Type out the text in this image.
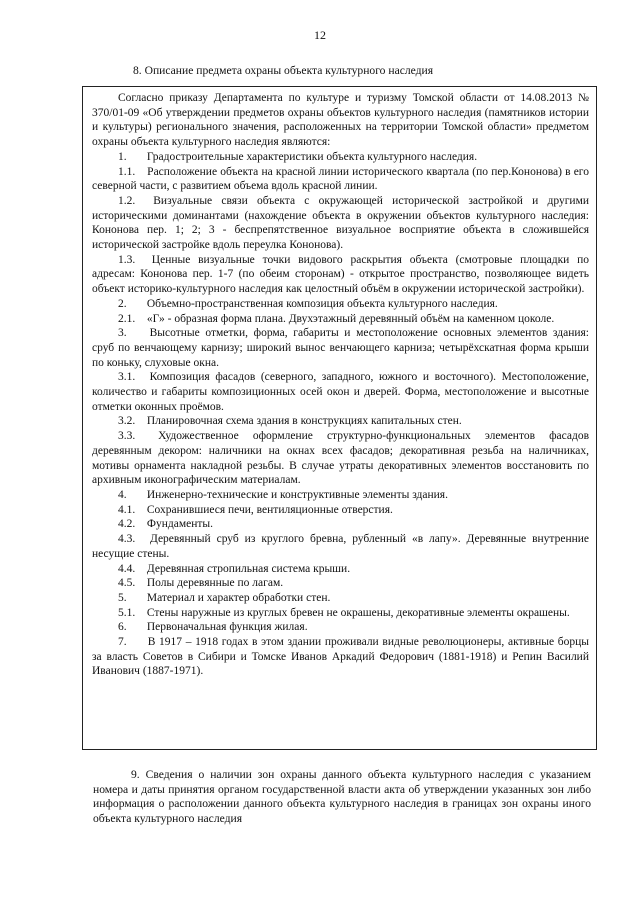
12
8. Описание предмета охраны объекта культурного наследия

Согласно приказу Департамента по культуре и туризму Томской области от 14.08.2013 № 370/01-09 «Об утверждении предметов охраны объектов культурного наследия (памятников истории и культуры) регионального значения, расположенных на территории Томской области» предметом охраны объекта культурного наследия являются:

1. Градостроительные характеристики объекта культурного наследия.

1.1. Расположение объекта на красной линии исторического квартала (по пер.Кононова) в его северной части, с развитием объема вдоль красной линии.

1.2. Визуальные связи объекта с окружающей исторической застройкой и другими историческими доминантами (нахождение объекта в окружении объектов культурного наследия: Кононова пер. 1; 2; 3 - беспрепятственное визуальное восприятие объекта в сложившейся исторической застройке вдоль переулка Кононова).

1.3. Ценные визуальные точки видового раскрытия объекта (смотровые площадки по адресам: Кононова пер. 1-7 (по обеим сторонам) - открытое пространство, позволяющее видеть объект историко-культурного наследия как целостный объём в окружении исторической застройки).

2. Объемно-пространственная композиция объекта культурного наследия.

2.1. «Г» - образная форма плана. Двухэтажный деревянный объём на каменном цоколе.

3. Высотные отметки, форма, габариты и местоположение основных элементов здания: сруб по венчающему карнизу; широкий вынос венчающего карниза; четырёхскатная форма крыши по коньку, слуховые окна.

3.1. Композиция фасадов (северного, западного, южного и восточного). Местоположение, количество и габариты композиционных осей окон и дверей. Форма, местоположение и высотные отметки оконных проёмов.

3.2. Планировочная схема здания в конструкциях капитальных стен.

3.3. Художественное оформление структурно-функциональных элементов фасадов деревянным декором: наличники на окнах всех фасадов; декоративная резьба на наличниках, мотивы орнамента накладной резьбы. В случае утраты декоративных элементов восстановить по архивным иконографическим материалам.

4. Инженерно-технические и конструктивные элементы здания.

4.1. Сохранившиеся печи, вентиляционные отверстия.

4.2. Фундаменты.

4.3. Деревянный сруб из круглого бревна, рубленный «в лапу». Деревянные внутренние несущие стены.

4.4. Деревянная стропильная система крыши.

4.5. Полы деревянные по лагам.

5. Материал и характер обработки стен.

5.1. Стены наружные из круглых бревен не окрашены, декоративные элементы окрашены.

6. Первоначальная функция жилая.

7. В 1917 – 1918 годах в этом здании проживали видные революционеры, активные борцы за власть Советов в Сибири и Томске Иванов Аркадий Федорович (1881-1918) и Репин Василий Иванович (1887-1971).

9. Сведения о наличии зон охраны данного объекта культурного наследия с указанием номера и даты принятия органом государственной власти акта об утверждении указанных зон либо информация о расположении данного объекта культурного наследия в границах зон охраны иного объекта культурного наследия
